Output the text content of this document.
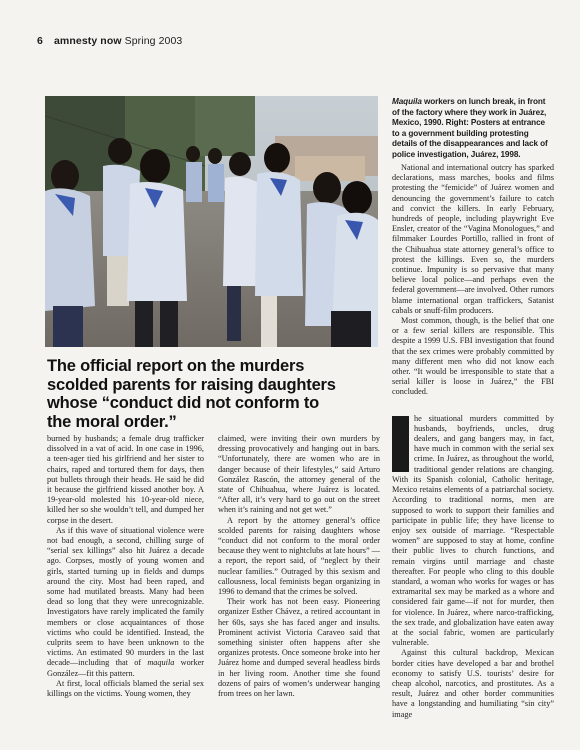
6 amnesty now Spring 2003
Maquila workers on lunch break, in front of the factory where they work in Juárez, Mexico, 1990. Right: Posters at entrance to a government building protesting details of the disappearances and lack of police investigation, Juárez, 1998.
The official report on the murders scolded parents for raising daughters whose “conduct did not conform to the moral order.”

burned by husbands; a female drug trafficker dissolved in a vat of acid. In one case in 1996, a teen-ager tied his girlfriend and her sister to chairs, raped and tortured them for days, then put bullets through their heads. He said he did it because the girlfriend kissed another boy. A 19-year-old molested his 10-year-old niece, killed her so she wouldn’t tell, and dumped her corpse in the desert.

As if this wave of situational violence were not bad enough, a second, chilling surge of “serial sex killings” also hit Juárez a decade ago. Corpses, mostly of young women and girls, started turning up in fields and dumps around the city. Most had been raped, and some had mutilated breasts. Many had been dead so long that they were unrecognizable. Investigators have rarely implicated the family members or close acquaintances of those victims who could be identified. Instead, the culprits seem to have been unknown to the victims. An estimated 90 murders in the last decade—including that of maquila worker González—fit this pattern.

At first, local officials blamed the serial sex killings on the victims. Young women, they

claimed, were inviting their own murders by dressing provocatively and hanging out in bars. “Unfortunately, there are women who are in danger because of their lifestyles,” said Arturo González Rascón, the attorney general of the state of Chihuahua, where Juárez is located. “After all, it’s very hard to go out on the street when it’s raining and not get wet.”

A report by the attorney general’s office scolded parents for raising daughters whose “conduct did not conform to the moral order because they went to nightclubs at late hours” —a report, the report said, of “neglect by their nuclear families.” Outraged by this sexism and callousness, local feminists began organizing in 1996 to demand that the crimes be solved.

Their work has not been easy. Pioneering organizer Esther Chávez, a retired accountant in her 60s, says she has faced anger and insults. Prominent activist Victoria Caraveo said that something sinister often happens after she organizes protests. Once someone broke into her Juárez home and dumped several headless birds in her living room. Another time she found dozens of pairs of women’s underwear hanging from trees on her lawn.

National and international outcry has sparked declarations, mass marches, books and films protesting the “femicide” of Juárez women and denouncing the government’s failure to catch and convict the killers. In early February, hundreds of people, including playwright Eve Ensler, creator of the “Vagina Monologues,” and filmmaker Lourdes Portillo, rallied in front of the Chihuahua state attorney general’s office to protest the killings. Even so, the murders continue. Impunity is so pervasive that many believe local police—and perhaps even the federal government—are involved. Other rumors blame international organ traffickers, Satanist cabals or snuff-film producers.

Most common, though, is the belief that one or a few serial killers are responsible. This despite a 1999 U.S. FBI investigation that found that the sex crimes were probably committed by many different men who did not know each other. “It would be irresponsible to state that a serial killer is loose in Juárez,” the FBI concluded.

T	he situational murders committed by husbands, boyfriends, uncles, drug dealers, and gang bangers may, in fact, have much in common with the serial sex crime. In Juárez, as throughout the world, traditional gender relations are changing. With its Spanish colonial, Catholic heritage, Mexico retains elements of a patriarchal society. According to traditional norms, men are supposed to work to support their families and participate in public life; they have license to enjoy sex outside of marriage. “Respectable women” are supposed to stay at home, confine their public lives to church functions, and remain virgins until marriage and chaste thereafter. For people who cling to this double standard, a woman who works for wages or has extramarital sex may be marked as a whore and considered fair game—if not for murder, then for violence. In Juárez, where narco-trafficking, the sex trade, and globalization have eaten away at the social fabric, women are particularly vulnerable.

Against this cultural backdrop, Mexican border cities have developed a bar and brothel economy to satisfy U.S. tourists’ desire for cheap alcohol, narcotics, and prostitutes. As a result, Juárez and other border communities have a longstanding and humiliating “sin city” image
